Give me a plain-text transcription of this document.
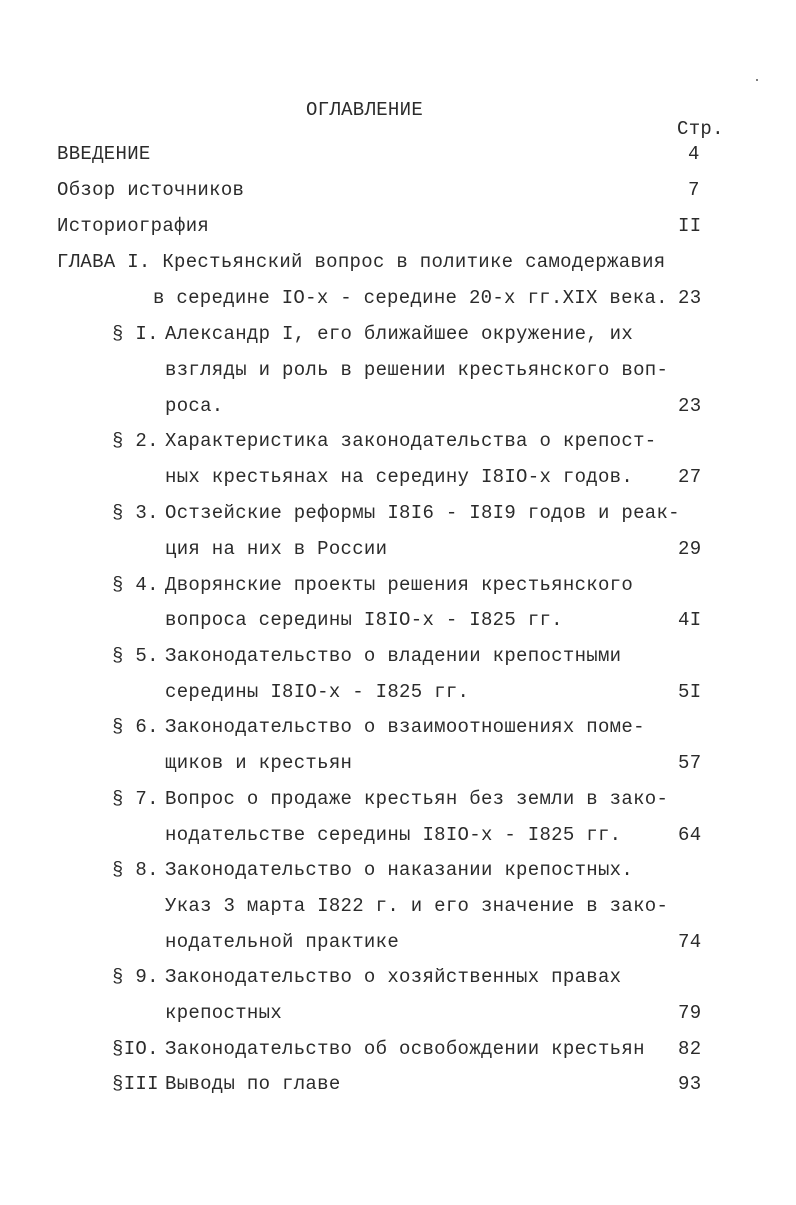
ОГЛАВЛЕНИЕ
Стр.
ВВЕДЕНИЕ	4
Обзор источников	7
Историография	II
ГЛАВА I. Крестьянский вопрос в политике самодержавия
в середине IO-х - середине 20-х гг.XIX века. 23
§ I. Александр I, его ближайшее окружение, их
взгляды и роль в решении крестьянского воп-
роса.	23
§ 2. Характеристика законодательства о крепост-
ных крестьянах на середину I8IO-х годов. 27
§ 3. Остзейские реформы I8I6 - I8I9 годов и реак-
ция на них в России	29
§ 4. Дворянские проекты решения крестьянского
вопроса середины I8IO-х - I825 гг.	4I
§ 5. Законодательство о владении крепостными
середины I8IO-х - I825 гг.	5I
§ 6. Законодательство о взаимоотношениях поме-
щиков и крестьян	57
§ 7. Вопрос о продаже крестьян без земли в зако-
нодательстве середины I8IO-х - I825 гг.	64
§ 8. Законодательство о наказании крепостных.
Указ 3 марта I822 г. и его значение в зако-
нодательной практике	74
§ 9. Законодательство о хозяйственных правах
крепостных	79
§IO. Законодательство об освобождении крестьян 82
§III Выводы по главе	93
